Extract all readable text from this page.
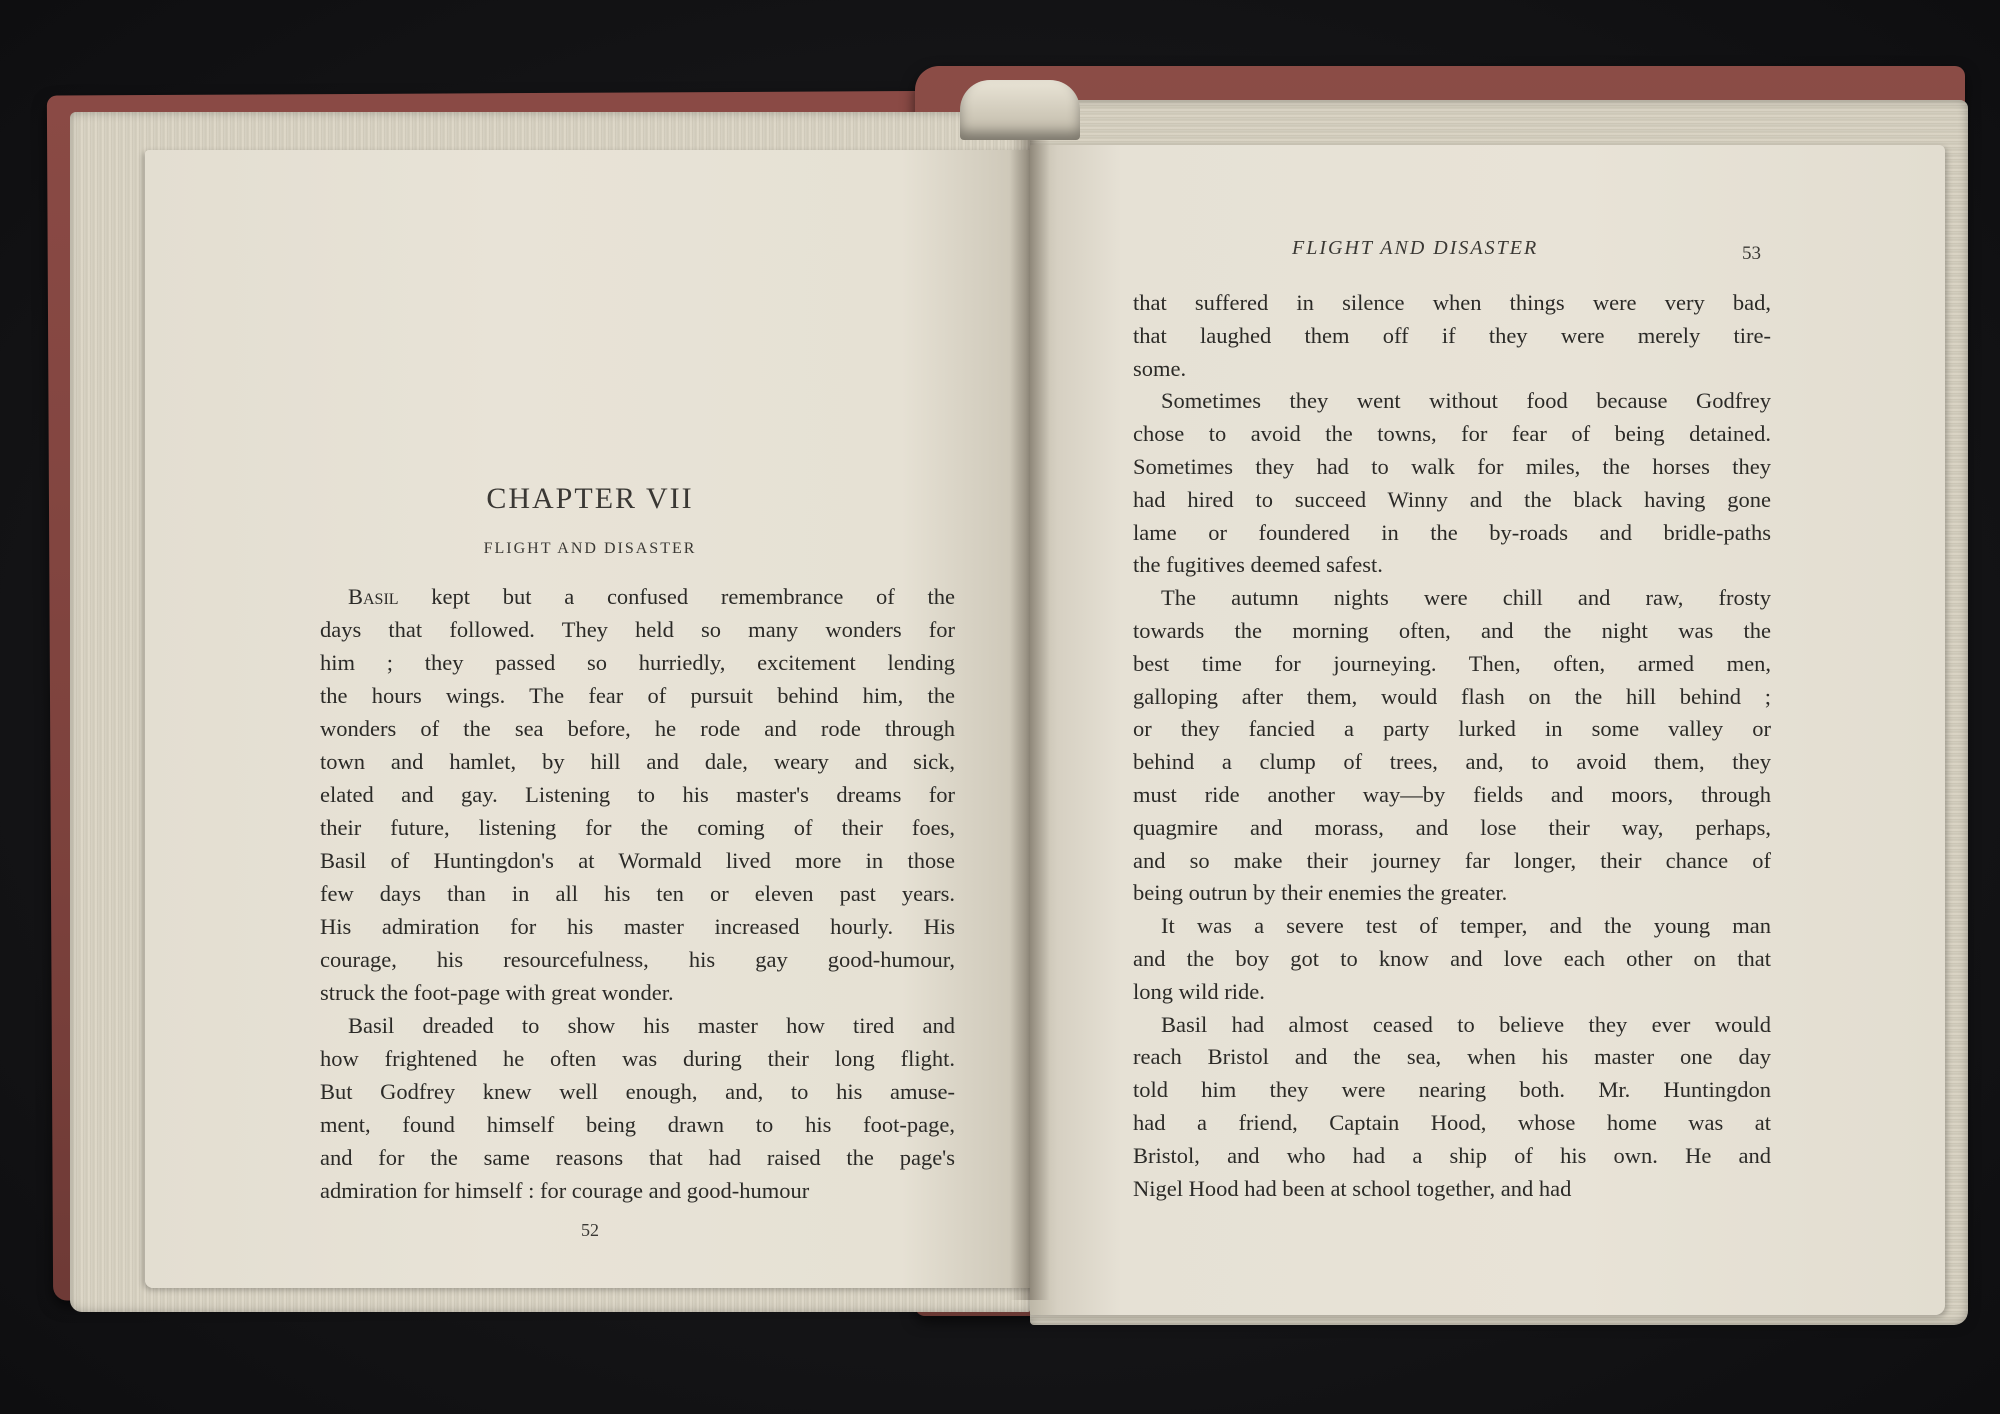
CHAPTER VII
FLIGHT AND DISASTER
Basil kept but a confused remembrance of the
days that followed. They held so many wonders for
him ; they passed so hurriedly, excitement lending
the hours wings. The fear of pursuit behind him, the
wonders of the sea before, he rode and rode through
town and hamlet, by hill and dale, weary and sick,
elated and gay. Listening to his master's dreams for
their future, listening for the coming of their foes,
Basil of Huntingdon's at Wormald lived more in those
few days than in all his ten or eleven past years.
His admiration for his master increased hourly. His
courage, his resourcefulness, his gay good-humour,
struck the foot-page with great wonder.
Basil dreaded to show his master how tired and
how frightened he often was during their long flight.
But Godfrey knew well enough, and, to his amuse-
ment, found himself being drawn to his foot-page,
and for the same reasons that had raised the page's
admiration for himself : for courage and good-humour
52
FLIGHT AND DISASTER	53
that suffered in silence when things were very bad,
that laughed them off if they were merely tire-
some.
Sometimes they went without food because Godfrey
chose to avoid the towns, for fear of being detained.
Sometimes they had to walk for miles, the horses they
had hired to succeed Winny and the black having gone
lame or foundered in the by-roads and bridle-paths
the fugitives deemed safest.
The autumn nights were chill and raw, frosty
towards the morning often, and the night was the
best time for journeying. Then, often, armed men,
galloping after them, would flash on the hill behind ;
or they fancied a party lurked in some valley or
behind a clump of trees, and, to avoid them, they
must ride another way—by fields and moors, through
quagmire and morass, and lose their way, perhaps,
and so make their journey far longer, their chance of
being outrun by their enemies the greater.
It was a severe test of temper, and the young man
and the boy got to know and love each other on that
long wild ride.
Basil had almost ceased to believe they ever would
reach Bristol and the sea, when his master one day
told him they were nearing both. Mr. Huntingdon
had a friend, Captain Hood, whose home was at
Bristol, and who had a ship of his own. He and
Nigel Hood had been at school together, and had
